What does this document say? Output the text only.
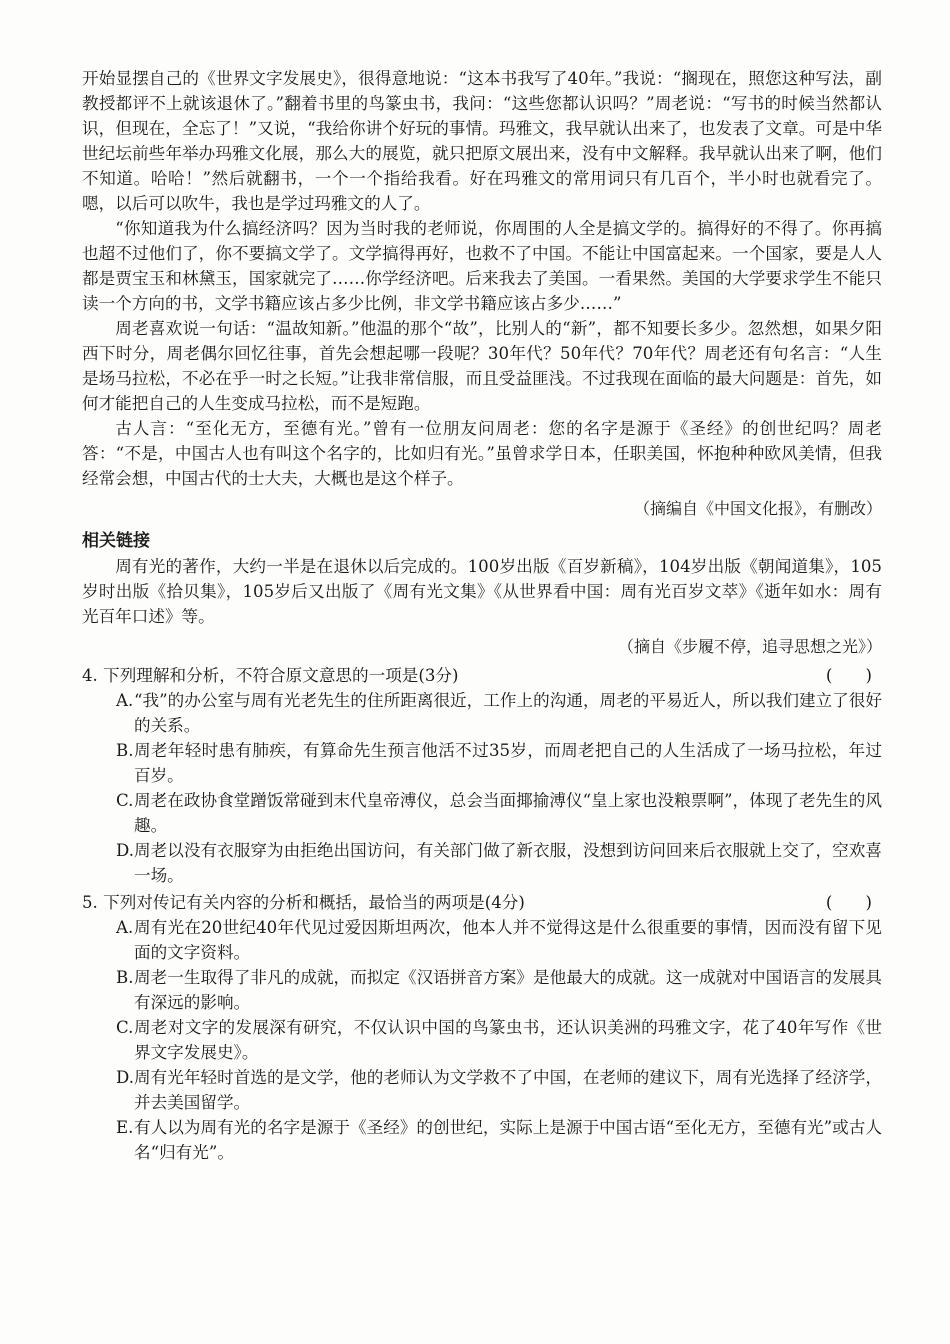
开始显摆自己的《世界文字发展史》，很得意地说：“这本书我写了40年。”我说：“搁现在，照您这种写法，副教授都评不上就该退休了。”翻着书里的鸟篆虫书，我问：“这些您都认识吗？”周老说：“写书的时候当然都认识，但现在，全忘了！”又说，“我给你讲个好玩的事情。玛雅文，我早就认出来了，也发表了文章。可是中华世纪坛前些年举办玛雅文化展，那么大的展览，就只把原文展出来，没有中文解释。我早就认出来了啊，他们不知道。哈哈！”然后就翻书，一个一个指给我看。好在玛雅文的常用词只有几百个，半小时也就看完了。嗯，以后可以吹牛，我也是学过玛雅文的人了。

“你知道我为什么搞经济吗？因为当时我的老师说，你周围的人全是搞文学的。搞得好的不得了。你再搞也超不过他们了，你不要搞文学了。文学搞得再好，也救不了中国。不能让中国富起来。一个国家，要是人人都是贾宝玉和林黛玉，国家就完了……你学经济吧。后来我去了美国。一看果然。美国的大学要求学生不能只读一个方向的书，文学书籍应该占多少比例，非文学书籍应该占多少……”

周老喜欢说一句话：“温故知新。”他温的那个“故”，比别人的“新”，都不知要长多少。忽然想，如果夕阳西下时分，周老偶尔回忆往事，首先会想起哪一段呢？30年代？50年代？70年代？周老还有句名言：“人生是场马拉松，不必在乎一时之长短。”让我非常信服，而且受益匪浅。不过我现在面临的最大问题是：首先，如何才能把自己的人生变成马拉松，而不是短跑。

古人言：“至化无方，至德有光。”曾有一位朋友问周老：您的名字是源于《圣经》的创世纪吗？周老答：“不是，中国古人也有叫这个名字的，比如归有光。”虽曾求学日本，任职美国，怀抱种种欧风美情，但我经常会想，中国古代的士大夫，大概也是这个样子。

（摘编自《中国文化报》，有删改）

相关链接

周有光的著作，大约一半是在退休以后完成的。100岁出版《百岁新稿》，104岁出版《朝闻道集》，105岁时出版《拾贝集》，105岁后又出版了《周有光文集》《从世界看中国：周有光百岁文萃》《逝年如水：周有光百年口述》等。

（摘自《步履不停，追寻思想之光》）

4. 下列理解和分析，不符合原文意思的一项是(3分)	(　　)
A. “我”的办公室与周有光老先生的住所距离很近，工作上的沟通，周老的平易近人，所以我们建立了很好的关系。
B. 周老年轻时患有肺疾，有算命先生预言他活不过35岁，而周老把自己的人生活成了一场马拉松，年过百岁。
C. 周老在政协食堂蹭饭常碰到末代皇帝溥仪，总会当面揶揄溥仪“皇上家也没粮票啊”，体现了老先生的风趣。
D. 周老以没有衣服穿为由拒绝出国访问，有关部门做了新衣服，没想到访问回来后衣服就上交了，空欢喜一场。
5. 下列对传记有关内容的分析和概括，最恰当的两项是(4分)	(　　)
A. 周有光在20世纪40年代见过爱因斯坦两次，他本人并不觉得这是什么很重要的事情，因而没有留下见面的文字资料。
B. 周老一生取得了非凡的成就，而拟定《汉语拼音方案》是他最大的成就。这一成就对中国语言的发展具有深远的影响。
C. 周老对文字的发展深有研究，不仅认识中国的鸟篆虫书，还认识美洲的玛雅文字，花了40年写作《世界文字发展史》。
D. 周有光年轻时首选的是文学，他的老师认为文学救不了中国，在老师的建议下，周有光选择了经济学，并去美国留学。
E. 有人以为周有光的名字是源于《圣经》的创世纪，实际上是源于中国古语“至化无方，至德有光”或古人名“归有光”。
